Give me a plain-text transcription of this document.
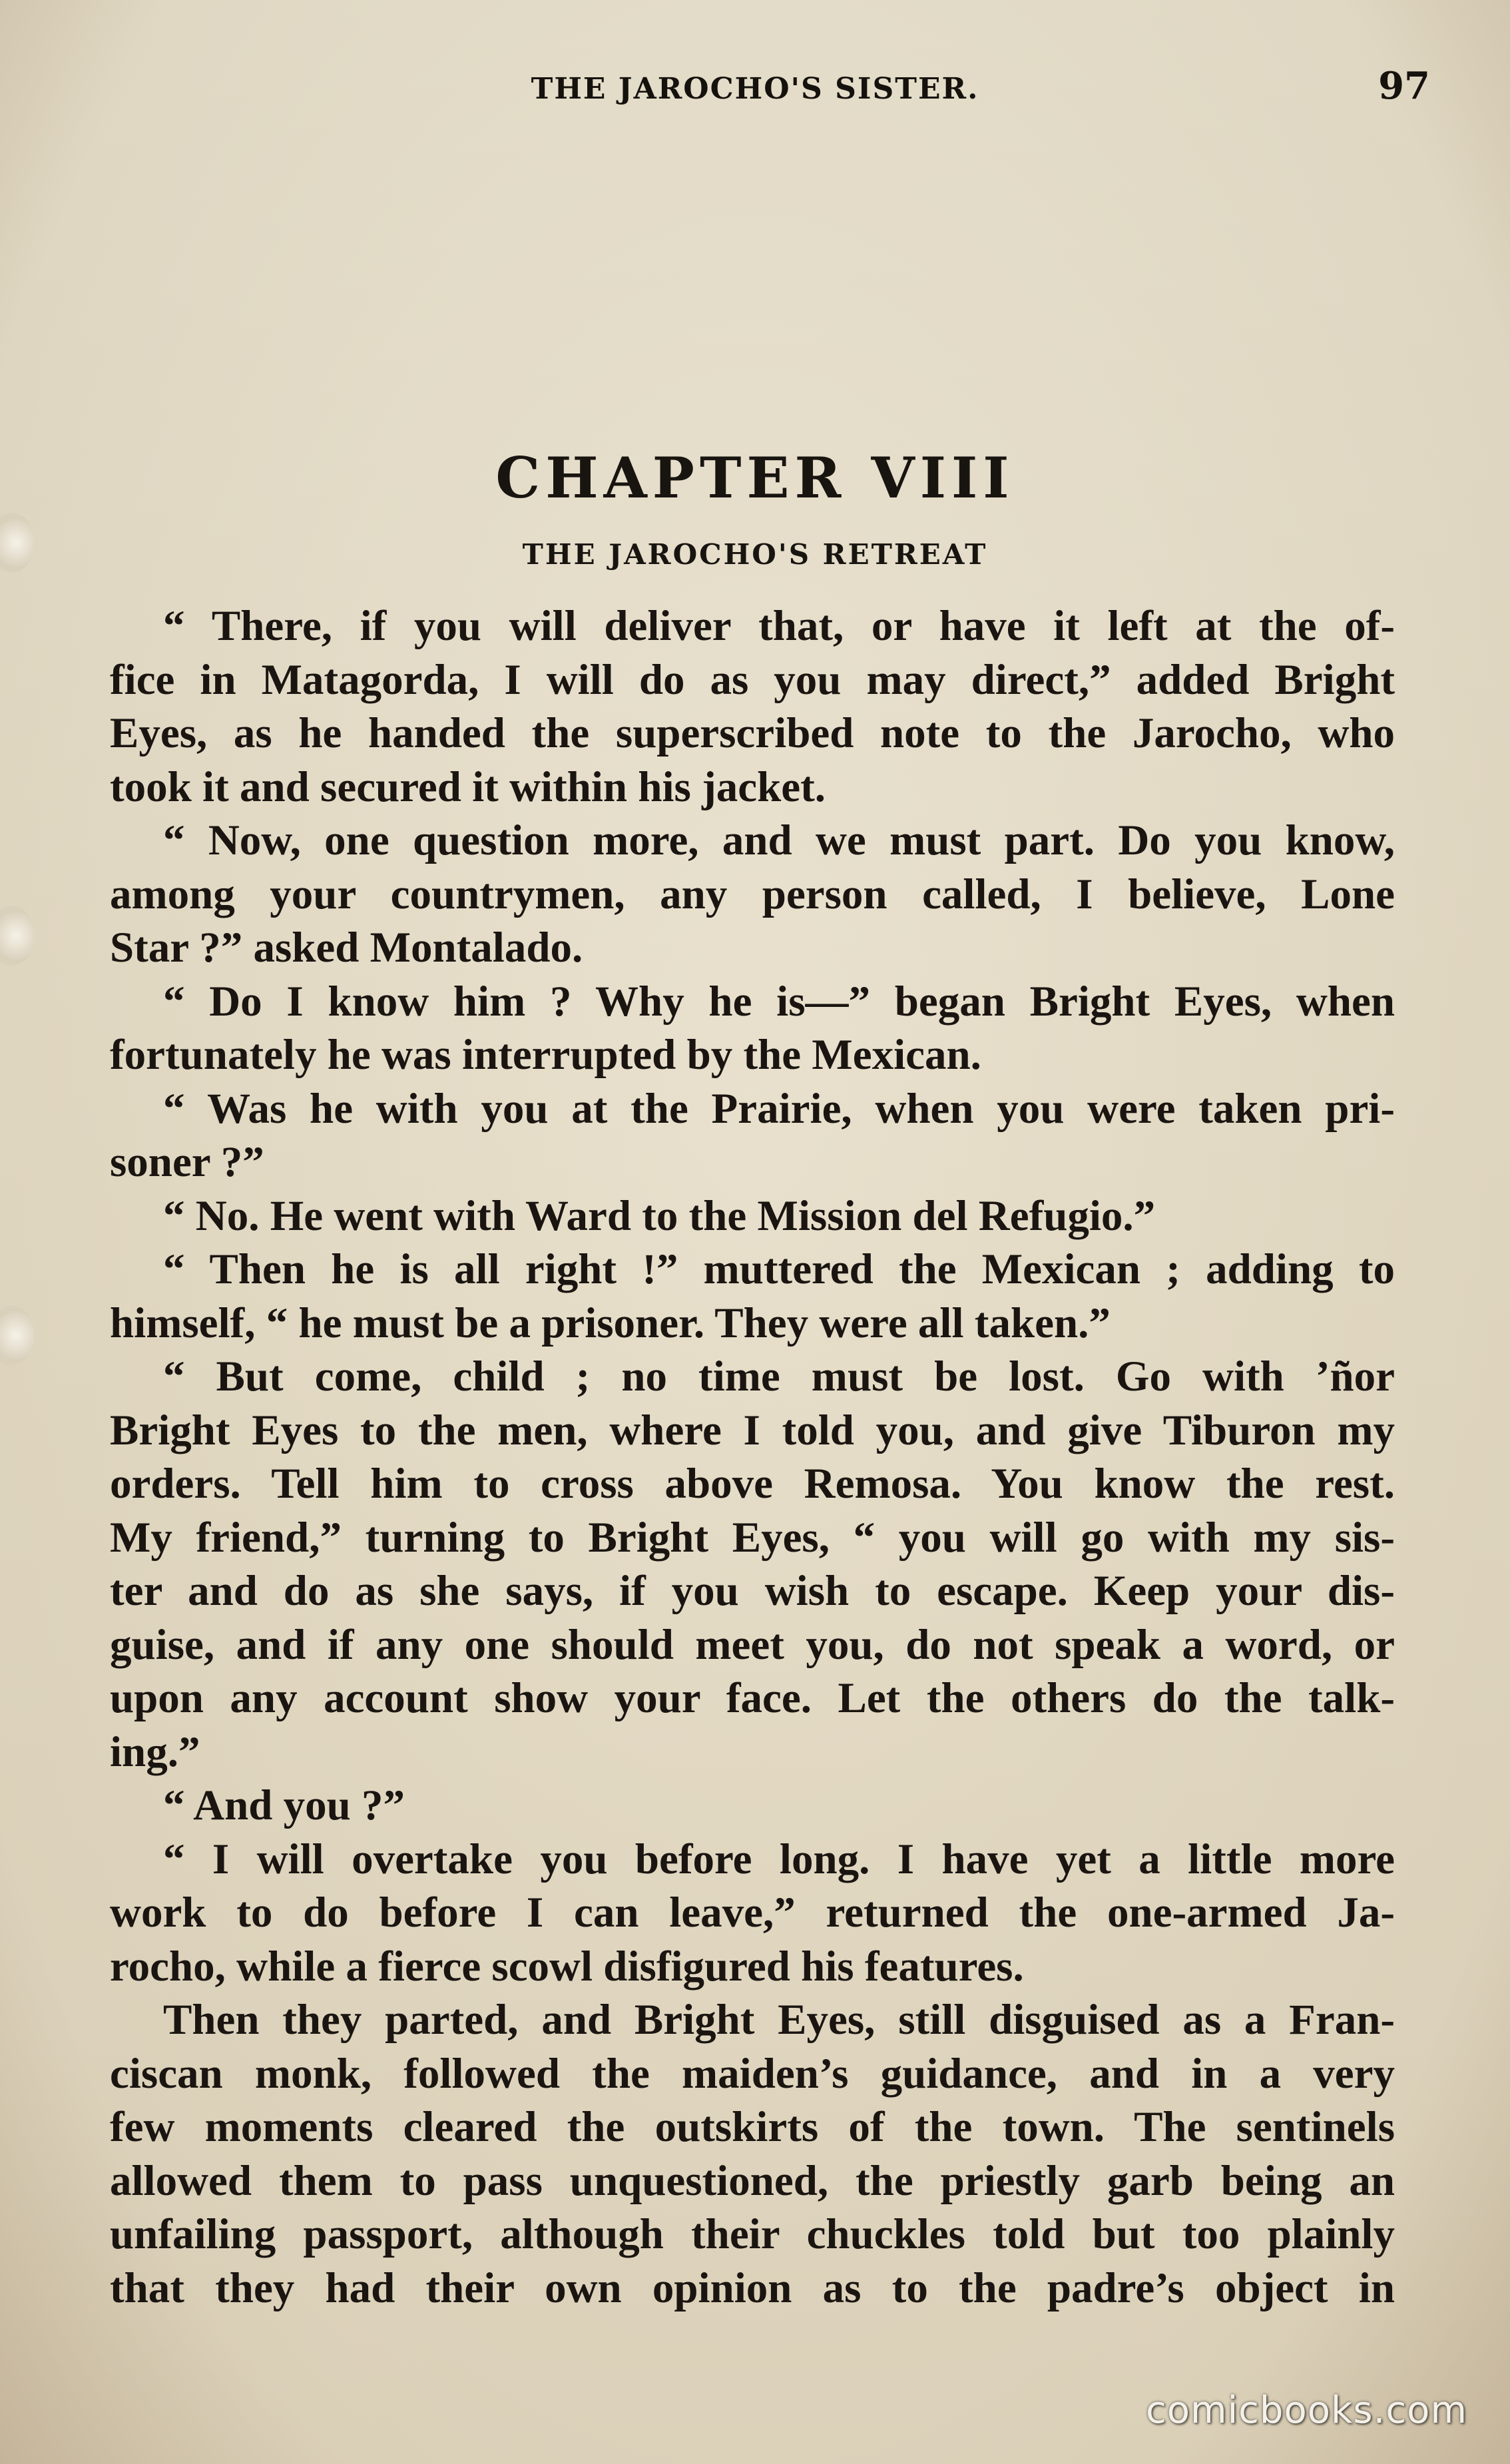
THE JAROCHO'S SISTER.	97
CHAPTER VIII
THE JAROCHO'S RETREAT
“ There, if you will deliver that, or have it left at the of-
fice in Matagorda, I will do as you may direct,” added Bright
Eyes, as he handed the superscribed note to the Jarocho, who
took it and secured it within his jacket.
“ Now, one question more, and we must part. Do you know,
among your countrymen, any person called, I believe, Lone
Star ?” asked Montalado.
“ Do I know him ? Why he is—” began Bright Eyes, when
fortunately he was interrupted by the Mexican.
“ Was he with you at the Prairie, when you were taken pri-
soner ?”
“ No. He went with Ward to the Mission del Refugio.”
“ Then he is all right !” muttered the Mexican ; adding to
himself, “ he must be a prisoner. They were all taken.”
“ But come, child ; no time must be lost. Go with ’ñor
Bright Eyes to the men, where I told you, and give Tiburon my
orders. Tell him to cross above Remosa. You know the rest.
My friend,” turning to Bright Eyes, “ you will go with my sis-
ter and do as she says, if you wish to escape. Keep your dis-
guise, and if any one should meet you, do not speak a word, or
upon any account show your face. Let the others do the talk-
ing.”
“ And you ?”
“ I will overtake you before long. I have yet a little more
work to do before I can leave,” returned the one-armed Ja-
rocho, while a fierce scowl disfigured his features.
Then they parted, and Bright Eyes, still disguised as a Fran-
ciscan monk, followed the maiden’s guidance, and in a very
few moments cleared the outskirts of the town. The sentinels
allowed them to pass unquestioned, the priestly garb being an
unfailing passport, although their chuckles told but too plainly
that they had their own opinion as to the padre’s object in
comicbooks.com
